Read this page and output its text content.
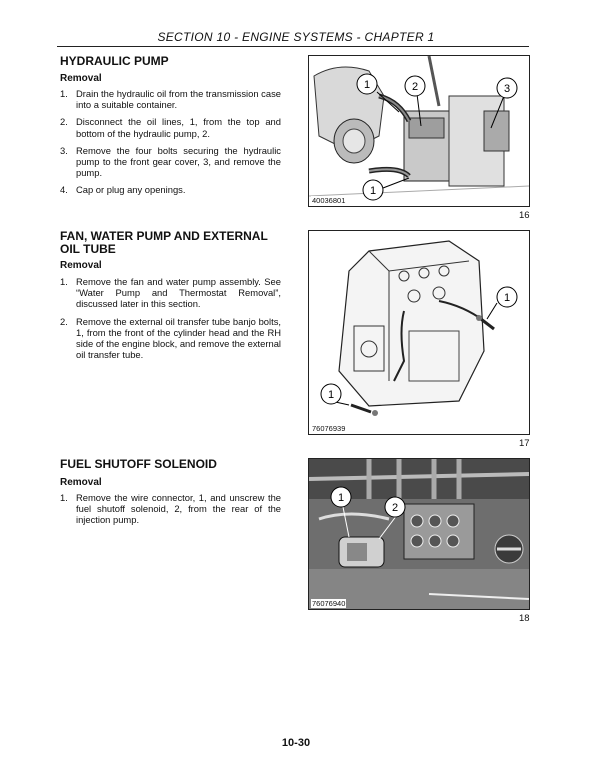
SECTION 10 - ENGINE SYSTEMS - CHAPTER 1
HYDRAULIC PUMP
Removal
1. Drain the hydraulic oil from the transmission case into a suitable container.
2. Disconnect the oil lines, 1, from the top and bottom of the hydraulic pump, 2.
3. Remove the four bolts securing the hydraulic pump to the front gear cover, 3, and remove the pump.
4. Cap or plug any openings.
1	2	3
1
40036801
16
FAN, WATER PUMP AND EXTERNAL OIL TUBE
Removal
1. Remove the fan and water pump assembly. See “Water Pump and Thermostat Removal”, discussed later in this section.
2. Remove the external oil transfer tube banjo bolts, 1, from the front of the cylinder head and the RH side of the engine block, and remove the external oil transfer tube.
1
1
76076939
17
FUEL SHUTOFF SOLENOID
Removal
1. Remove the wire connector, 1, and unscrew the fuel shutoff solenoid, 2, from the rear of the injection pump.
1
2
76076940
18
10-30
